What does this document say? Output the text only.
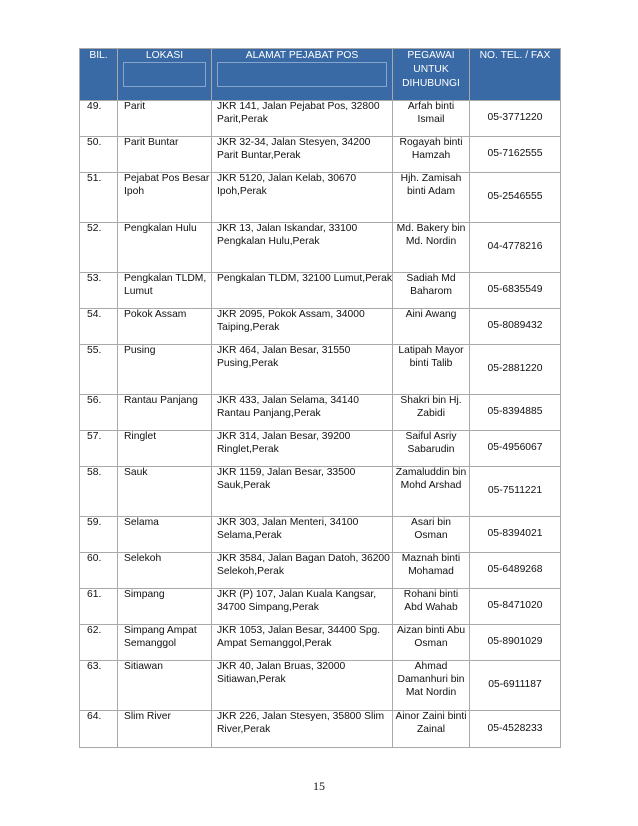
BIL.	LOKASI	ALAMAT PEJABAT POS	PEGAWAI UNTUK DIHUBUNGI	NO. TEL. / FAX
49.	Parit	JKR 141, Jalan Pejabat Pos, 32800 Parit,Perak	Arfah binti Ismail	05-3771220
50.	Parit Buntar	JKR 32-34, Jalan Stesyen, 34200 Parit Buntar,Perak	Rogayah binti Hamzah	05-7162555
51.	Pejabat Pos Besar Ipoh	JKR 5120, Jalan Kelab, 30670 Ipoh,Perak	Hjh. Zamisah binti Adam	05-2546555
52.	Pengkalan Hulu	JKR 13, Jalan Iskandar, 33100 Pengkalan Hulu,Perak	Md. Bakery bin Md. Nordin	04-4778216
53.	Pengkalan TLDM, Lumut	Pengkalan TLDM, 32100 Lumut,Perak	Sadiah Md Baharom	05-6835549
54.	Pokok Assam	JKR 2095, Pokok Assam, 34000 Taiping,Perak	Aini Awang	05-8089432
55.	Pusing	JKR 464, Jalan Besar, 31550 Pusing,Perak	Latipah Mayor binti Talib	05-2881220
56.	Rantau Panjang	JKR 433, Jalan Selama, 34140 Rantau Panjang,Perak	Shakri bin Hj. Zabidi	05-8394885
57.	Ringlet	JKR 314, Jalan Besar, 39200 Ringlet,Perak	Saiful Asriy Sabarudin	05-4956067
58.	Sauk	JKR 1159, Jalan Besar, 33500 Sauk,Perak	Zamaluddin bin Mohd Arshad	05-7511221
59.	Selama	JKR 303, Jalan Menteri, 34100 Selama,Perak	Asari bin Osman	05-8394021
60.	Selekoh	JKR 3584, Jalan Bagan Datoh, 36200 Selekoh,Perak	Maznah binti Mohamad	05-6489268
61.	Simpang	JKR (P) 107, Jalan Kuala Kangsar, 34700 Simpang,Perak	Rohani binti Abd Wahab	05-8471020
62.	Simpang Ampat Semanggol	JKR 1053, Jalan Besar, 34400 Spg. Ampat Semanggol,Perak	Aizan binti Abu Osman	05-8901029
63.	Sitiawan	JKR 40, Jalan Bruas, 32000 Sitiawan,Perak	Ahmad Damanhuri bin Mat Nordin	05-6911187
64.	Slim River	JKR 226, Jalan Stesyen, 35800 Slim River,Perak	Ainor Zaini binti Zainal	05-4528233
15
